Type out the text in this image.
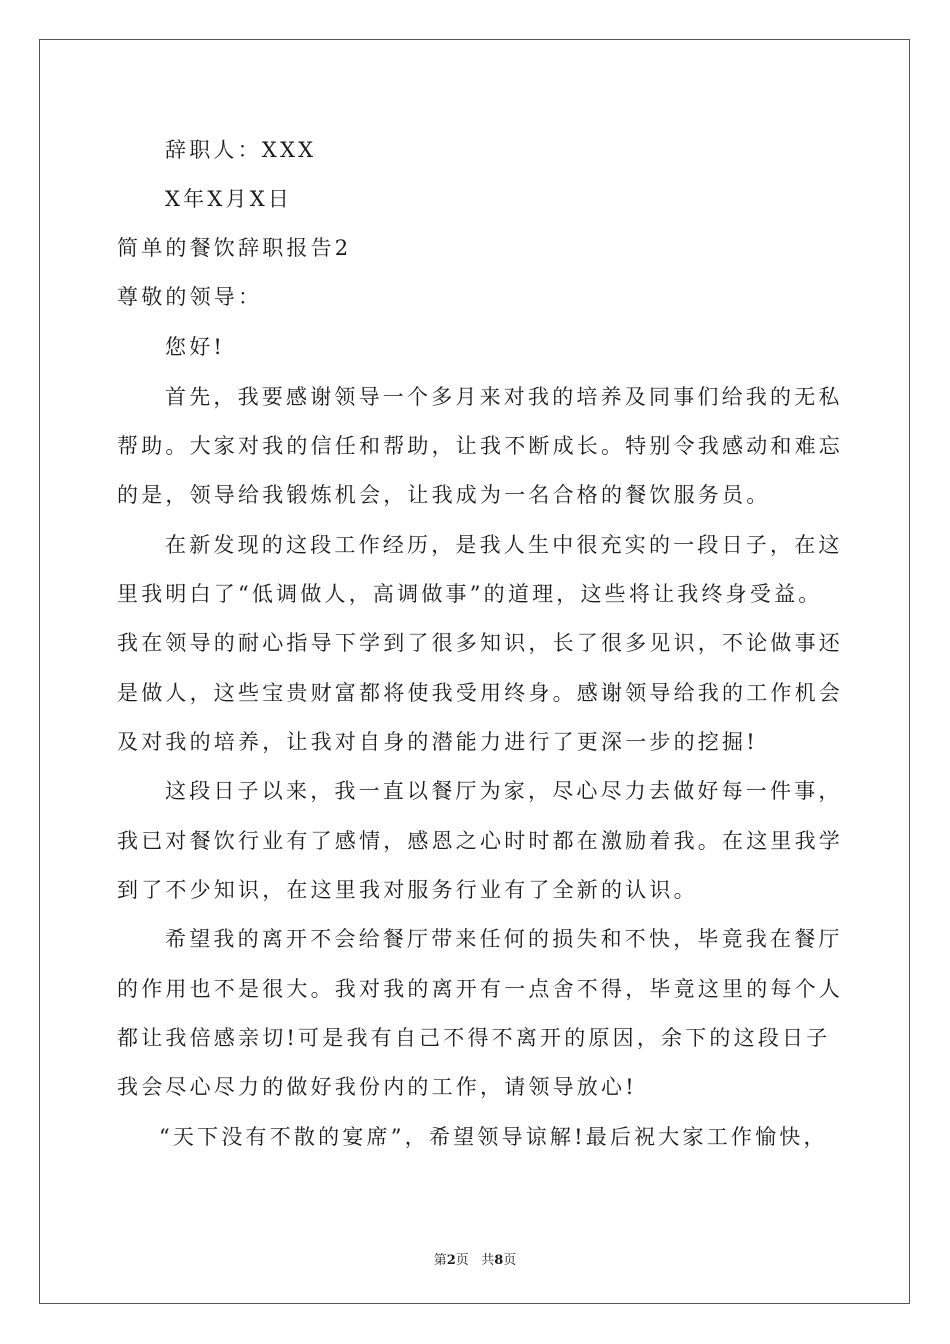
辞职人：XXX
X年X月X日
简单的餐饮辞职报告2
尊敬的领导：
您好!
首先，我要感谢领导一个多月来对我的培养及同事们给我的无私
帮助。大家对我的信任和帮助，让我不断成长。特别令我感动和难忘
的是，领导给我锻炼机会，让我成为一名合格的餐饮服务员。
在新发现的这段工作经历，是我人生中很充实的一段日子，在这
里我明白了“低调做人，高调做事”的道理，这些将让我终身受益。
我在领导的耐心指导下学到了很多知识，长了很多见识，不论做事还
是做人，这些宝贵财富都将使我受用终身。感谢领导给我的工作机会
及对我的培养，让我对自身的潜能力进行了更深一步的挖掘!
这段日子以来，我一直以餐厅为家，尽心尽力去做好每一件事，
我已对餐饮行业有了感情，感恩之心时时都在激励着我。在这里我学
到了不少知识，在这里我对服务行业有了全新的认识。
希望我的离开不会给餐厅带来任何的损失和不快，毕竟我在餐厅
的作用也不是很大。我对我的离开有一点舍不得，毕竟这里的每个人
都让我倍感亲切!可是我有自己不得不离开的原因，余下的这段日子
我会尽心尽力的做好我份内的工作，请领导放心!
“天下没有不散的宴席”，希望领导谅解!最后祝大家工作愉快，
第2页 共8页
